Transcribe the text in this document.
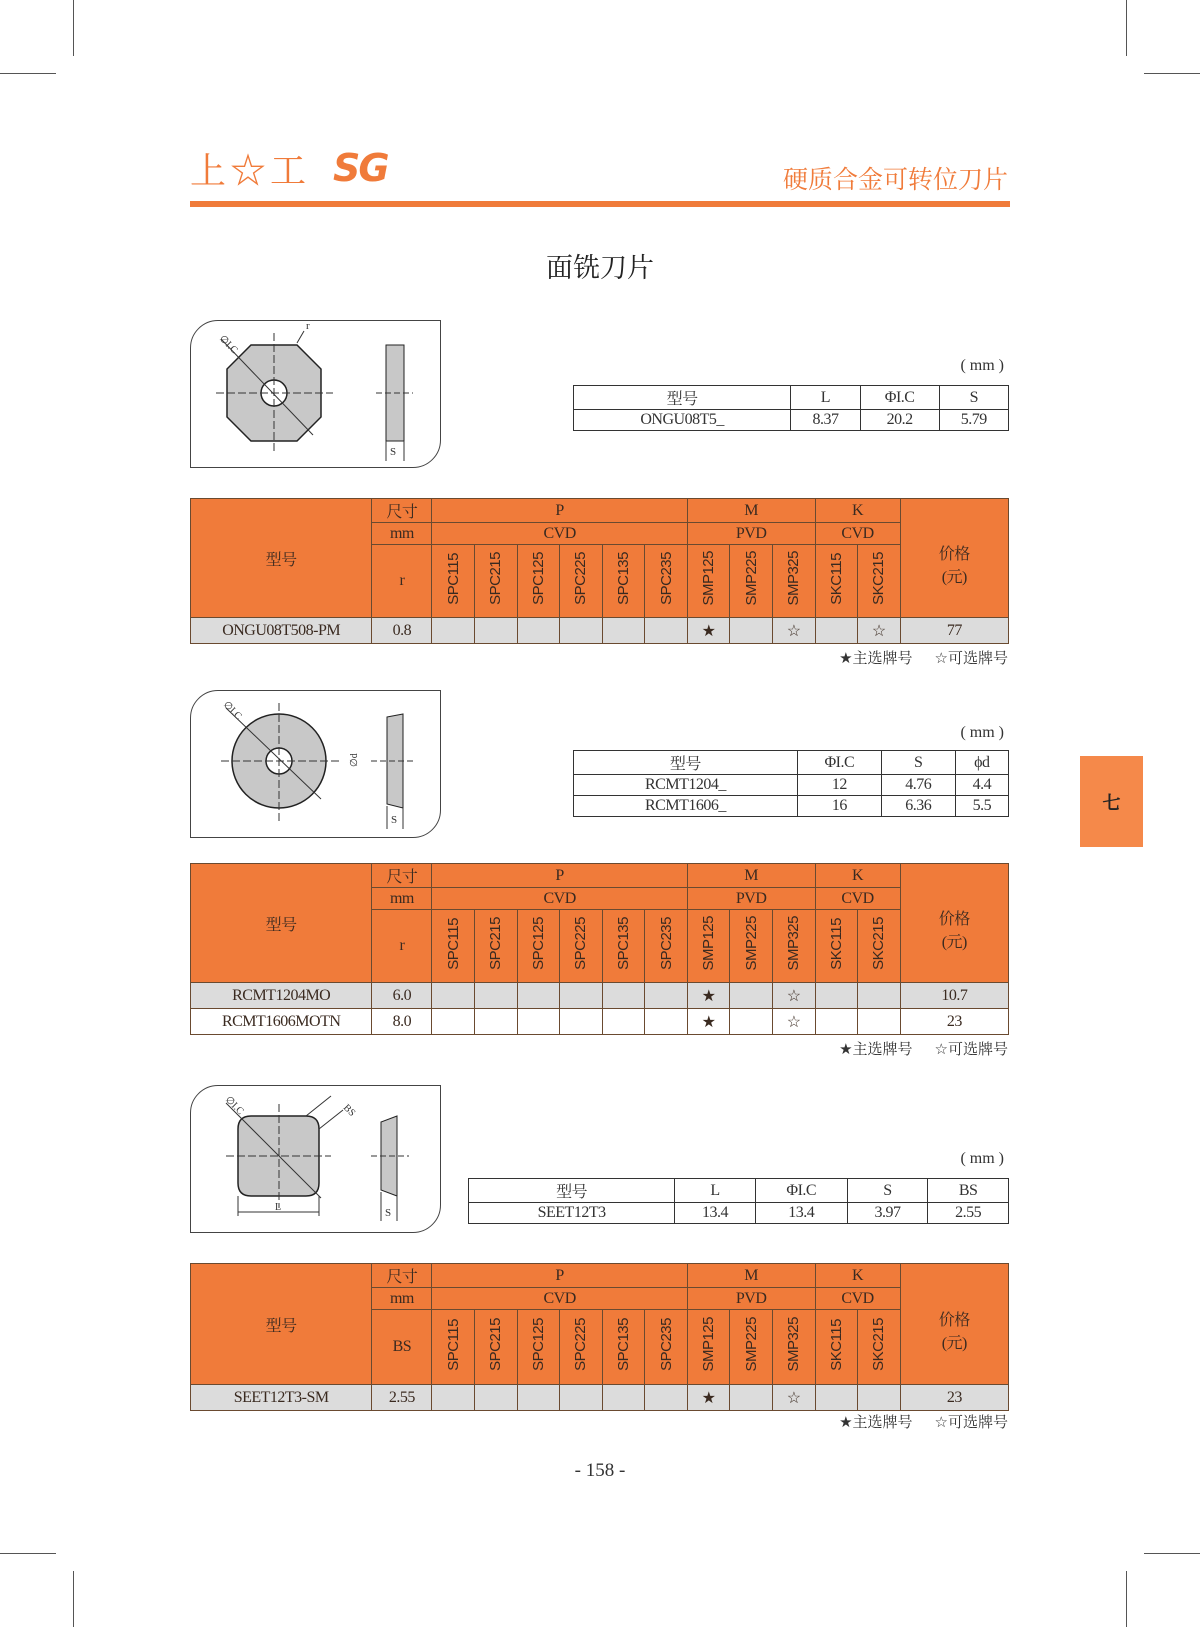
上☆工 SG	硬质合金可转位刀片
面铣刀片
∅I.C
r
S
( mm )
型号	L	ΦI.C	S
ONGU08T5_	8.37	20.2	5.79
型号	尺寸	P						M			K		价格
(元)
	mm	CVD						PVD			CVD		
	r	SPC115	SPC215	SPC125	SPC225	SPC135	SPC235	SMP125	SMP225	SMP325	SKC115	SKC215	
ONGU08T508-PM	0.8							★		☆		☆	77
★主选牌号 ☆可选牌号
∅I.C
∅d
S
( mm )
型号	ΦI.C	S	ϕd
RCMT1204_	12	4.76	4.4
RCMT1606_	16	6.36	5.5
型号	尺寸	P						M			K		价格
(元)
	mm	CVD						PVD			CVD		
	r	SPC115	SPC215	SPC125	SPC225	SPC135	SPC235	SMP125	SMP225	SMP325	SKC115	SKC215	
RCMT1204MO	6.0							★		☆			10.7
RCMT1606MOTN	8.0							★		☆			23
★主选牌号 ☆可选牌号
∅I.C	BS
L	S
( mm )
型号	L	ΦI.C	S	BS
SEET12T3	13.4	13.4	3.97	2.55
型号	尺寸	P						M			K		价格
(元)
	mm	CVD						PVD			CVD		
	BS	SPC115	SPC215	SPC125	SPC225	SPC135	SPC235	SMP125	SMP225	SMP325	SKC115	SKC215	
SEET12T3-SM	2.55							★		☆			23
★主选牌号 ☆可选牌号
七
- 158 -
